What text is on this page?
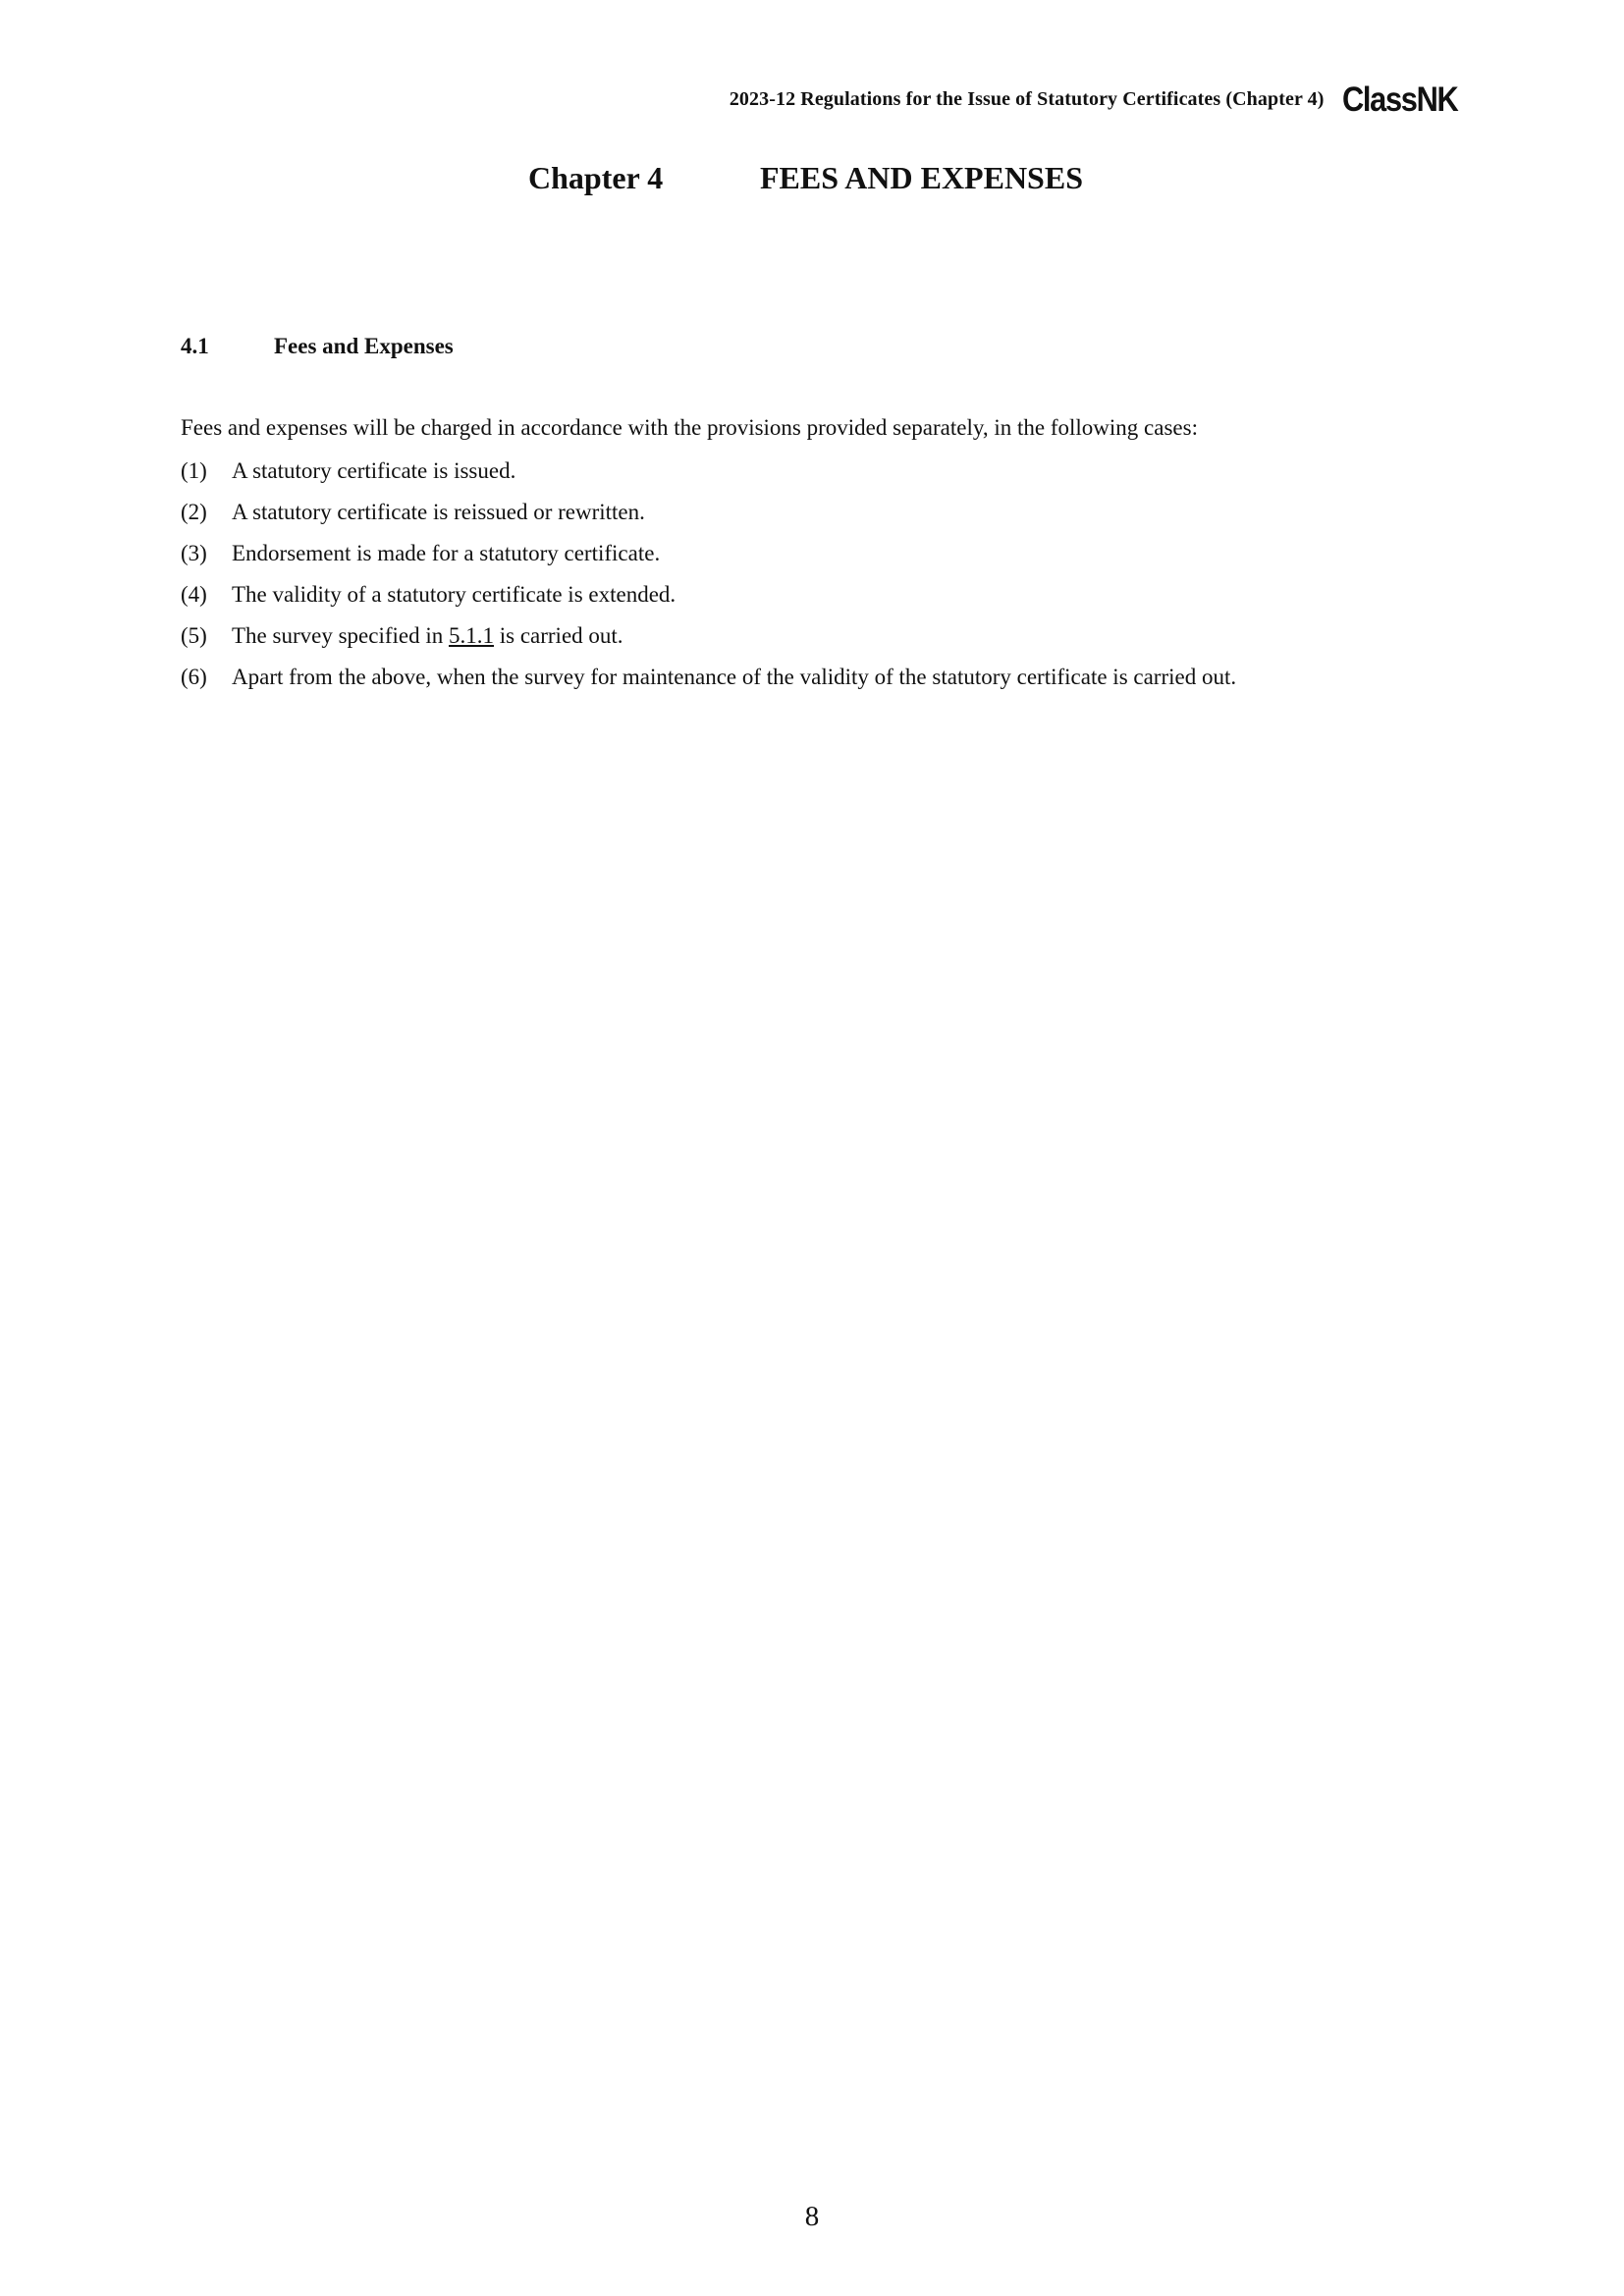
2023-12 Regulations for the Issue of Statutory Certificates (Chapter 4) ClassNK
Chapter 4	FEES AND EXPENSES
4.1	Fees and Expenses
Fees and expenses will be charged in accordance with the provisions provided separately, in the following cases:
(1) A statutory certificate is issued.
(2) A statutory certificate is reissued or rewritten.
(3) Endorsement is made for a statutory certificate.
(4) The validity of a statutory certificate is extended.
(5) The survey specified in 5.1.1 is carried out.
(6) Apart from the above, when the survey for maintenance of the validity of the statutory certificate is carried out.
8
